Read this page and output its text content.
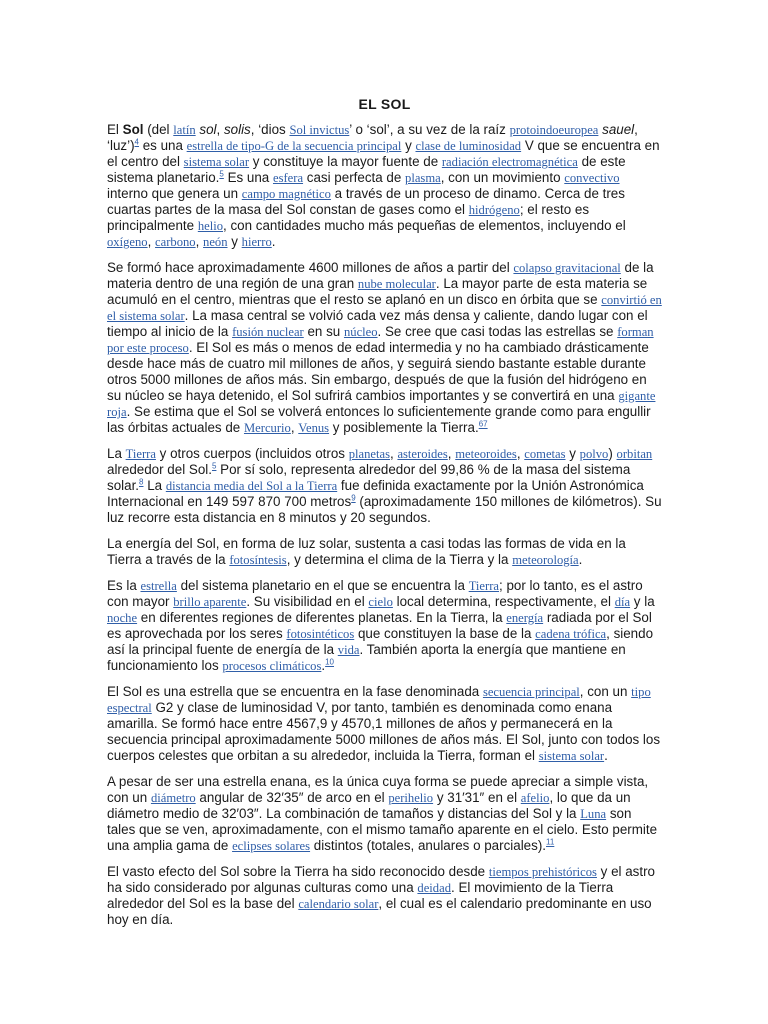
EL SOL

El Sol (del latín sol, solis, ‘dios Sol invictus’ o ‘sol’, a su vez de la raíz protoindoeuropea sauel, ‘luz’)$^4$ es una estrella de tipo-G de la secuencia principal y clase de luminosidad V que se encuentra en el centro del sistema solar y constituye la mayor fuente de radiación electromagnética de este sistema planetario.$^5$ Es una esfera casi perfecta de plasma, con un movimiento convectivo interno que genera un campo magnético a través de un proceso de dinamo. Cerca de tres cuartas partes de la masa del Sol constan de gases como el hidrógeno; el resto es principalmente helio, con cantidades mucho más pequeñas de elementos, incluyendo el oxígeno, carbono, neón y hierro.

Se formó hace aproximadamente 4600 millones de años a partir del colapso gravitacional de la materia dentro de una región de una gran nube molecular. La mayor parte de esta materia se acumuló en el centro, mientras que el resto se aplanó en un disco en órbita que se convirtió en el sistema solar. La masa central se volvió cada vez más densa y caliente, dando lugar con el tiempo al inicio de la fusión nuclear en su núcleo. Se cree que casi todas las estrellas se forman por este proceso. El Sol es más o menos de edad intermedia y no ha cambiado drásticamente desde hace más de cuatro mil millones de años, y seguirá siendo bastante estable durante otros 5000 millones de años más. Sin embargo, después de que la fusión del hidrógeno en su núcleo se haya detenido, el Sol sufrirá cambios importantes y se convertirá en una gigante roja. Se estima que el Sol se volverá entonces lo suficientemente grande como para engullir las órbitas actuales de Mercurio, Venus y posiblemente la Tierra.$^{67}$

La Tierra y otros cuerpos (incluidos otros planetas, asteroides, meteoroides, cometas y polvo) orbitan alrededor del Sol.$^5$ Por sí solo, representa alrededor del 99,86 % de la masa del sistema solar.$^8$ La distancia media del Sol a la Tierra fue definida exactamente por la Unión Astronómica Internacional en 149 597 870 700 metros$^9$ (aproximadamente 150 millones de kilómetros). Su luz recorre esta distancia en 8 minutos y 20 segundos.

La energía del Sol, en forma de luz solar, sustenta a casi todas las formas de vida en la Tierra a través de la fotosíntesis, y determina el clima de la Tierra y la meteorología.

Es la estrella del sistema planetario en el que se encuentra la Tierra; por lo tanto, es el astro con mayor brillo aparente. Su visibilidad en el cielo local determina, respectivamente, el día y la noche en diferentes regiones de diferentes planetas. En la Tierra, la energía radiada por el Sol es aprovechada por los seres fotosintéticos que constituyen la base de la cadena trófica, siendo así la principal fuente de energía de la vida. También aporta la energía que mantiene en funcionamiento los procesos climáticos.$^{10}$

El Sol es una estrella que se encuentra en la fase denominada secuencia principal, con un tipo espectral G2 y clase de luminosidad V, por tanto, también es denominada como enana amarilla. Se formó hace entre 4567,9 y 4570,1 millones de años y permanecerá en la secuencia principal aproximadamente 5000 millones de años más. El Sol, junto con todos los cuerpos celestes que orbitan a su alrededor, incluida la Tierra, forman el sistema solar.

A pesar de ser una estrella enana, es la única cuya forma se puede apreciar a simple vista, con un diámetro angular de 32′35″ de arco en el perihelio y 31′31″ en el afelio, lo que da un diámetro medio de 32′03″. La combinación de tamaños y distancias del Sol y la Luna son tales que se ven, aproximadamente, con el mismo tamaño aparente en el cielo. Esto permite una amplia gama de eclipses solares distintos (totales, anulares o parciales).$^{11}$

El vasto efecto del Sol sobre la Tierra ha sido reconocido desde tiempos prehistóricos y el astro ha sido considerado por algunas culturas como una deidad. El movimiento de la Tierra alrededor del Sol es la base del calendario solar, el cual es el calendario predominante en uso hoy en día.
